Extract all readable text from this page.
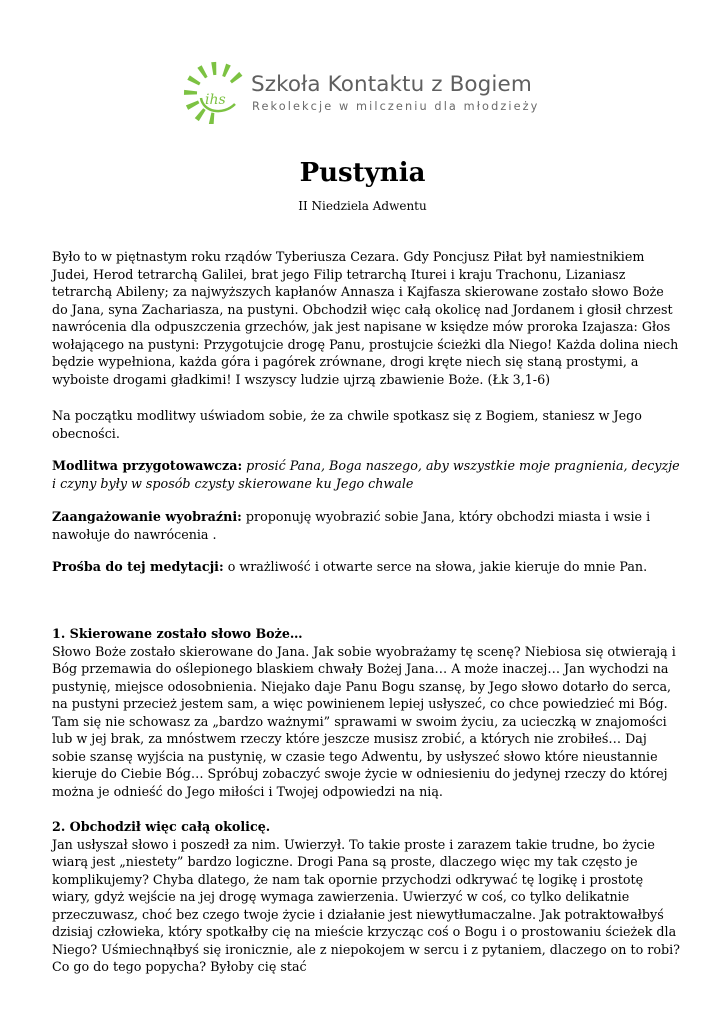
ihs
Szkoła Kontaktu z Bogiem
Rekolekcje w milczeniu dla młodzieży
Pustynia
II Niedziela Adwentu

Było to w piętnastym roku rządów Tyberiusza Cezara. Gdy Poncjusz Piłat był namiestnikiem Judei, Herod tetrarchą Galilei, brat jego Filip tetrarchą Iturei i kraju Trachonu, Lizaniasz tetrarchą Abileny; za najwyższych kapłanów Annasza i Kajfasza skierowane zostało słowo Boże do Jana, syna Zachariasza, na pustyni. Obchodził więc całą okolicę nad Jordanem i głosił chrzest nawrócenia dla odpuszczenia grzechów, jak jest napisane w księdze mów proroka Izajasza: Głos wołającego na pustyni: Przygotujcie drogę Panu, prostujcie ścieżki dla Niego! Każda dolina niech będzie wypełniona, każda góra i pagórek zrównane, drogi kręte niech się staną prostymi, a wyboiste drogami gładkimi! I wszyscy ludzie ujrzą zbawienie Boże. (Łk 3,1-6)

Na początku modlitwy uświadom sobie, że za chwile spotkasz się z Bogiem, staniesz w Jego obecności.

Modlitwa przygotowawcza: prosić Pana, Boga naszego, aby wszystkie moje pragnienia, decyzje i czyny były w sposób czysty skierowane ku Jego chwale

Zaangażowanie wyobraźni: proponuję wyobrazić sobie Jana, który obchodzi miasta i wsie i nawołuje do nawrócenia .

Prośba do tej medytacji: o wrażliwość i otwarte serce na słowa, jakie kieruje do mnie Pan.

1. Skierowane zostało słowo Boże…
Słowo Boże zostało skierowane do Jana. Jak sobie wyobrażamy tę scenę? Niebiosa się otwierają i Bóg przemawia do oślepionego blaskiem chwały Bożej Jana… A może inaczej… Jan wychodzi na pustynię, miejsce odosobnienia. Niejako daje Panu Bogu szansę, by Jego słowo dotarło do serca, na pustyni przecież jestem sam, a więc powinienem lepiej usłyszeć, co chce powiedzieć mi Bóg. Tam się nie schowasz za „bardzo ważnymi” sprawami w swoim życiu, za ucieczką w znajomości lub w jej brak, za mnóstwem rzeczy które jeszcze musisz zrobić, a których nie zrobiłeś… Daj sobie szansę wyjścia na pustynię, w czasie tego Adwentu, by usłyszeć słowo które nieustannie kieruje do Ciebie Bóg… Spróbuj zobaczyć swoje życie w odniesieniu do jedynej rzeczy do której można je odnieść do Jego miłości i Twojej odpowiedzi na nią.
2. Obchodził więc całą okolicę.
Jan usłyszał słowo i poszedł za nim. Uwierzył. To takie proste i zarazem takie trudne, bo życie wiarą jest „niestety” bardzo logiczne. Drogi Pana są proste, dlaczego więc my tak często je komplikujemy? Chyba dlatego, że nam tak opornie przychodzi odkrywać tę logikę i prostotę wiary, gdyż wejście na jej drogę wymaga zawierzenia. Uwierzyć w coś, co tylko delikatnie przeczuwasz, choć bez czego twoje życie i działanie jest niewytłumaczalne. Jak potraktowałbyś dzisiaj człowieka, który spotkałby cię na mieście krzycząc coś o Bogu i o prostowaniu ścieżek dla Niego? Uśmiechnąłbyś się ironicznie, ale z niepokojem w sercu i z pytaniem, dlaczego on to robi? Co go do tego popycha? Byłoby cię stać
